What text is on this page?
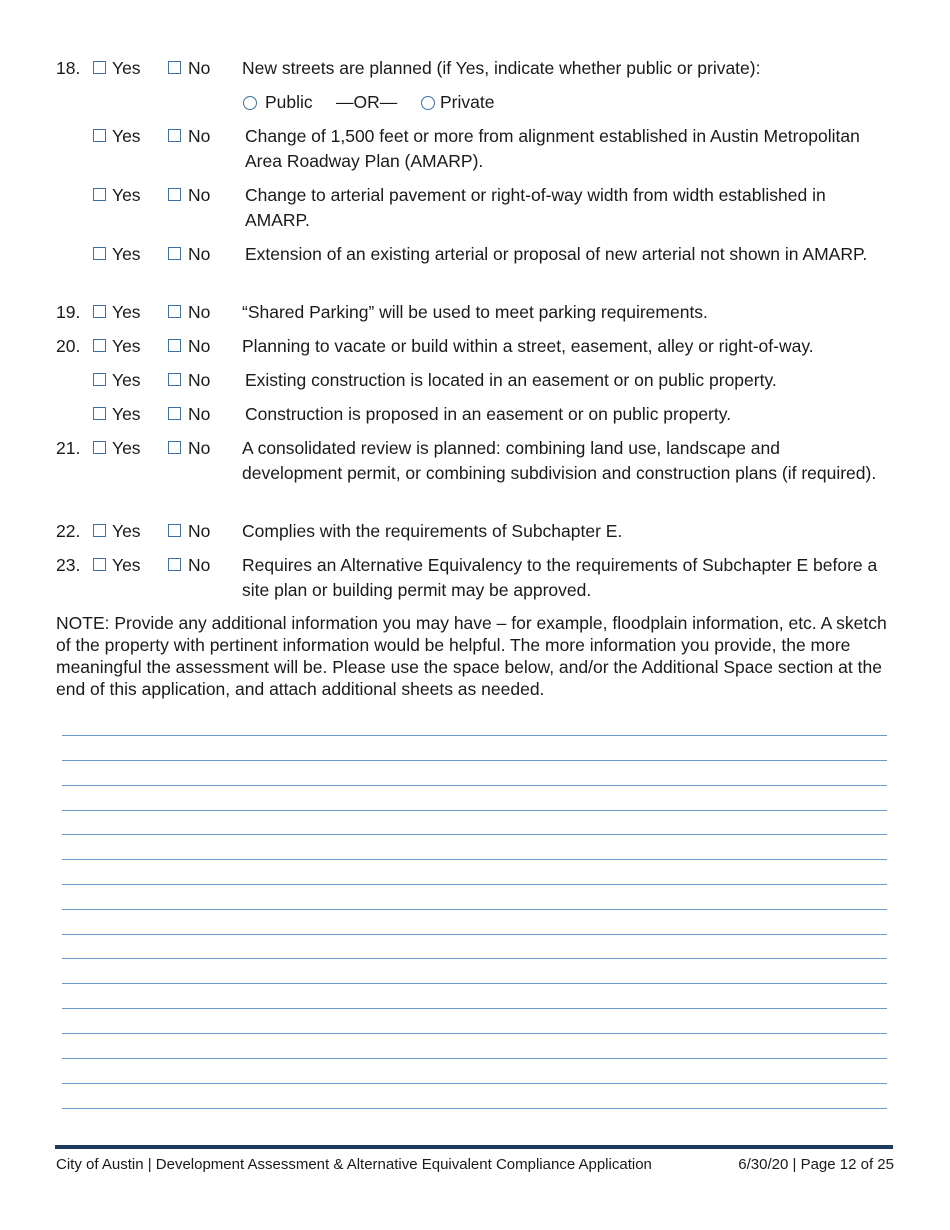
18.	Yes	No New streets are planned (if Yes, indicate whether public or private):
Public —OR— Private
Yes	No Change of 1,500 feet or more from alignment established in Austin Metropolitan Area Roadway Plan (AMARP).
Yes	No Change to arterial pavement or right-of-way width from width established in AMARP.
Yes	No Extension of an existing arterial or proposal of new arterial not shown in AMARP.
19.	Yes	No “Shared Parking” will be used to meet parking requirements.
20.	Yes	No Planning to vacate or build within a street, easement, alley or right-of-way.
Yes	No Existing construction is located in an easement or on public property.
Yes	No Construction is proposed in an easement or on public property.
21.	Yes	No A consolidated review is planned: combining land use, landscape and development permit, or combining subdivision and construction plans (if required).
22.	Yes	No Complies with the requirements of Subchapter E.
23.	Yes	No Requires an Alternative Equivalency to the requirements of Subchapter E before a site plan or building permit may be approved.
NOTE: Provide any additional information you may have – for example, floodplain information, etc. A sketch of the property with pertinent information would be helpful. The more information you provide, the more meaningful the assessment will be. Please use the space below, and/or the Additional Space section at the end of this application, and attach additional sheets as needed.
City of Austin | Development Assessment & Alternative Equivalent Compliance Application	6/30/20 | Page 12 of 25
